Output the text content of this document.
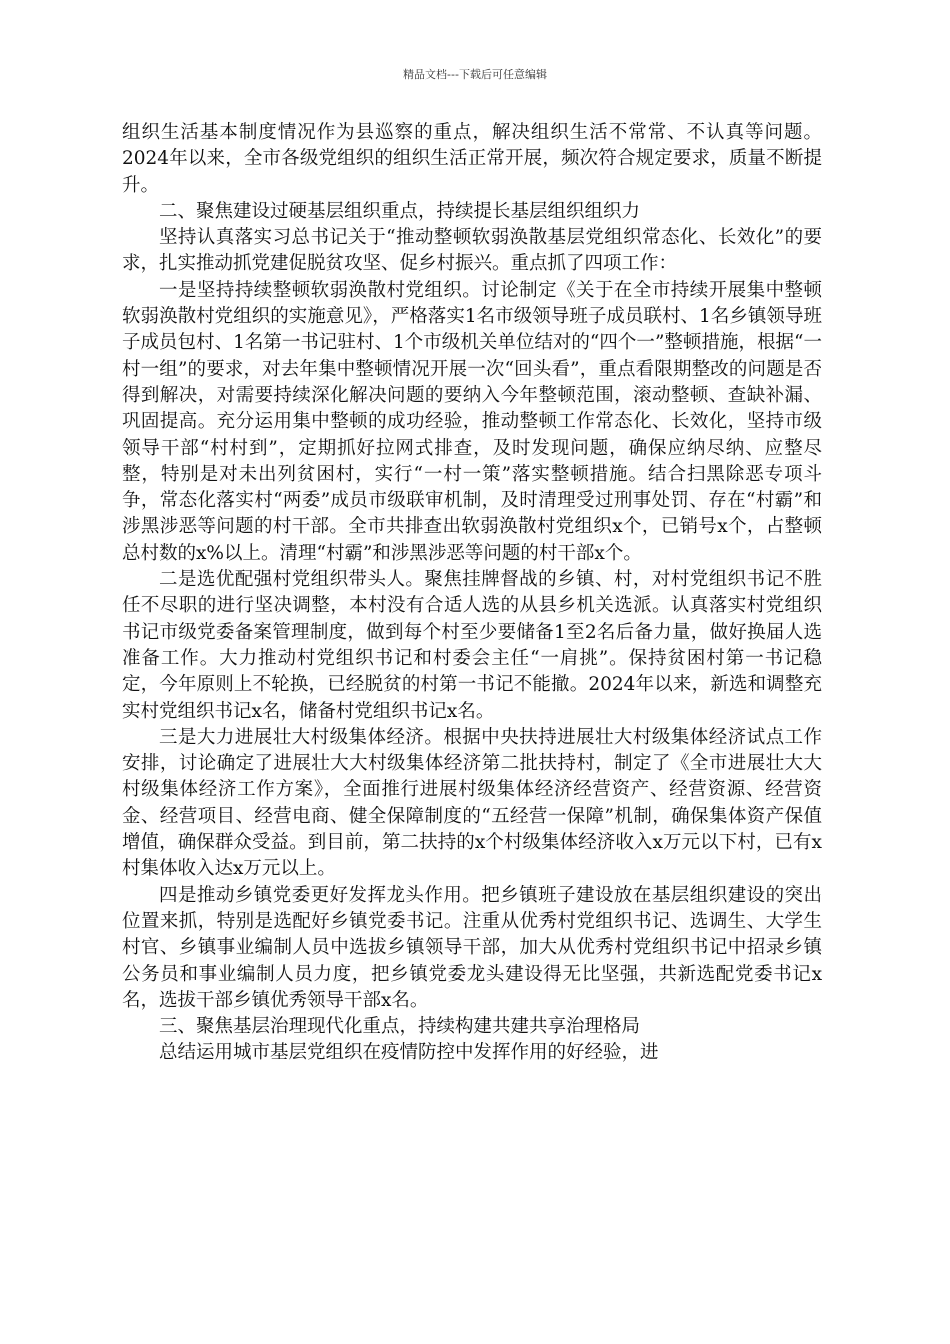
精品文档---下载后可任意编辑

组织生活基本制度情况作为县巡察的重点，解决组织生活不常常、不认真等问题。2024年以来，全市各级党组织的组织生活正常开展，频次符合规定要求，质量不断提升。

二、聚焦建设过硬基层组织重点，持续提长基层组织组织力

坚持认真落实习总书记关于“推动整顿软弱涣散基层党组织常态化、长效化”的要求，扎实推动抓党建促脱贫攻坚、促乡村振兴。重点抓了四项工作：

一是坚持持续整顿软弱涣散村党组织。讨论制定《关于在全市持续开展集中整顿软弱涣散村党组织的实施意见》，严格落实1名市级领导班子成员联村、1名乡镇领导班子成员包村、1名第一书记驻村、1个市级机关单位结对的“四个一”整顿措施，根据“一村一组”的要求，对去年集中整顿情况开展一次“回头看”，重点看限期整改的问题是否得到解决，对需要持续深化解决问题的要纳入今年整顿范围，滚动整顿、查缺补漏、巩固提高。充分运用集中整顿的成功经验，推动整顿工作常态化、长效化，坚持市级领导干部“村村到”，定期抓好拉网式排查，及时发现问题，确保应纳尽纳、应整尽整，特别是对未出列贫困村，实行“一村一策”落实整顿措施。结合扫黑除恶专项斗争，常态化落实村“两委”成员市级联审机制，及时清理受过刑事处罚、存在“村霸”和涉黑涉恶等问题的村干部。全市共排查出软弱涣散村党组织x个，已销号x个，占整顿总村数的x%以上。清理“村霸”和涉黑涉恶等问题的村干部x个。

二是选优配强村党组织带头人。聚焦挂牌督战的乡镇、村，对村党组织书记不胜任不尽职的进行坚决调整，本村没有合适人选的从县乡机关选派。认真落实村党组织书记市级党委备案管理制度，做到每个村至少要储备1至2名后备力量，做好换届人选准备工作。大力推动村党组织书记和村委会主任“一肩挑”。保持贫困村第一书记稳定，今年原则上不轮换，已经脱贫的村第一书记不能撤。2024年以来，新选和调整充实村党组织书记x名，储备村党组织书记x名。

三是大力进展壮大村级集体经济。根据中央扶持进展壮大村级集体经济试点工作安排，讨论确定了进展壮大大村级集体经济第二批扶持村，制定了《全市进展壮大大村级集体经济工作方案》，全面推行进展村级集体经济经营资产、经营资源、经营资金、经营项目、经营电商、健全保障制度的“五经营一保障”机制，确保集体资产保值增值，确保群众受益。到目前，第二扶持的x个村级集体经济收入x万元以下村，已有x村集体收入达x万元以上。

四是推动乡镇党委更好发挥龙头作用。把乡镇班子建设放在基层组织建设的突出位置来抓，特别是选配好乡镇党委书记。注重从优秀村党组织书记、选调生、大学生村官、乡镇事业编制人员中选拔乡镇领导干部，加大从优秀村党组织书记中招录乡镇公务员和事业编制人员力度，把乡镇党委龙头建设得无比坚强，共新选配党委书记x名，选拔干部乡镇优秀领导干部x名。

三、聚焦基层治理现代化重点，持续构建共建共享治理格局

总结运用城市基层党组织在疫情防控中发挥作用的好经验，进
